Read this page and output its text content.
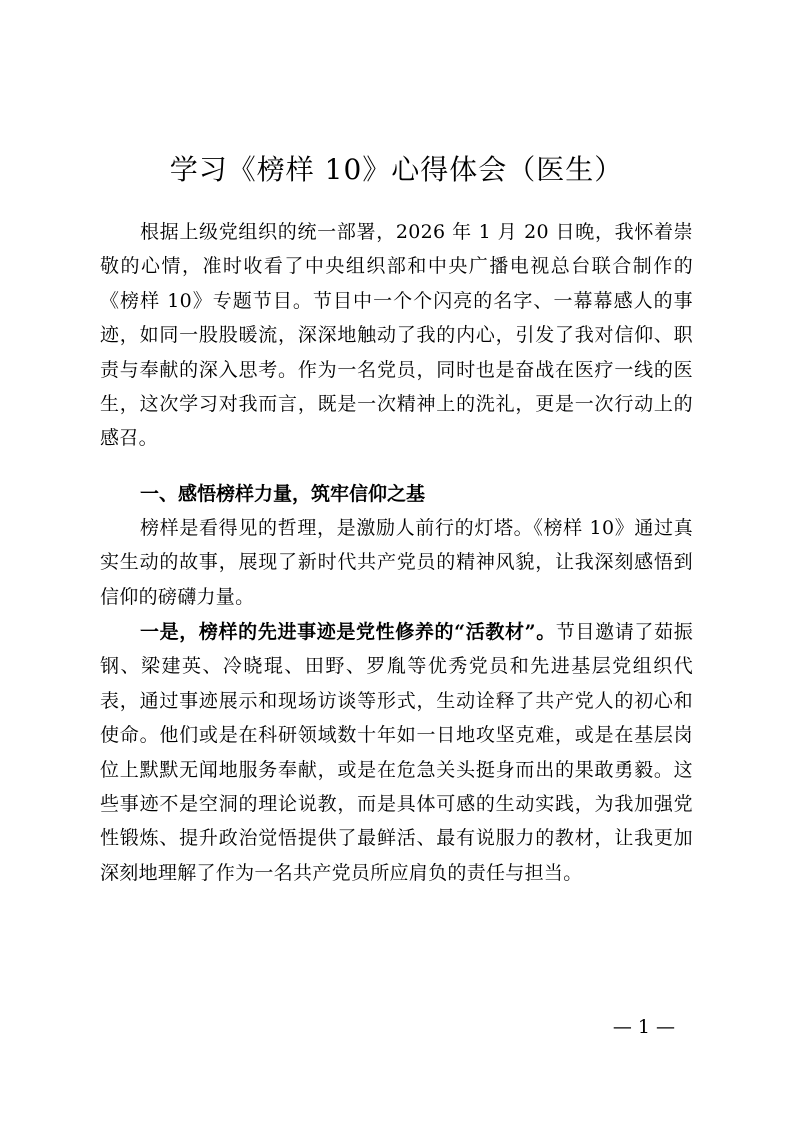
学习《榜样 10》心得体会（医生）
根据上级党组织的统一部署，2026 年 1 月 20 日晚，我怀着崇敬的心情，准时收看了中央组织部和中央广播电视总台联合制作的《榜样 10》专题节目。节目中一个个闪亮的名字、一幕幕感人的事迹，如同一股股暖流，深深地触动了我的内心，引发了我对信仰、职责与奉献的深入思考。作为一名党员，同时也是奋战在医疗一线的医生，这次学习对我而言，既是一次精神上的洗礼，更是一次行动上的感召。
一、感悟榜样力量，筑牢信仰之基
榜样是看得见的哲理，是激励人前行的灯塔。《榜样 10》通过真实生动的故事，展现了新时代共产党员的精神风貌，让我深刻感悟到信仰的磅礴力量。
一是，榜样的先进事迹是党性修养的“活教材”。节目邀请了茹振钢、梁建英、冷晓琨、田野、罗胤等优秀党员和先进基层党组织代表，通过事迹展示和现场访谈等形式，生动诠释了共产党人的初心和使命。他们或是在科研领域数十年如一日地攻坚克难，或是在基层岗位上默默无闻地服务奉献，或是在危急关头挺身而出的果敢勇毅。这些事迹不是空洞的理论说教，而是具体可感的生动实践，为我加强党性锻炼、提升政治觉悟提供了最鲜活、最有说服力的教材，让我更加深刻地理解了作为一名共产党员所应肩负的责任与担当。
— 1 —
